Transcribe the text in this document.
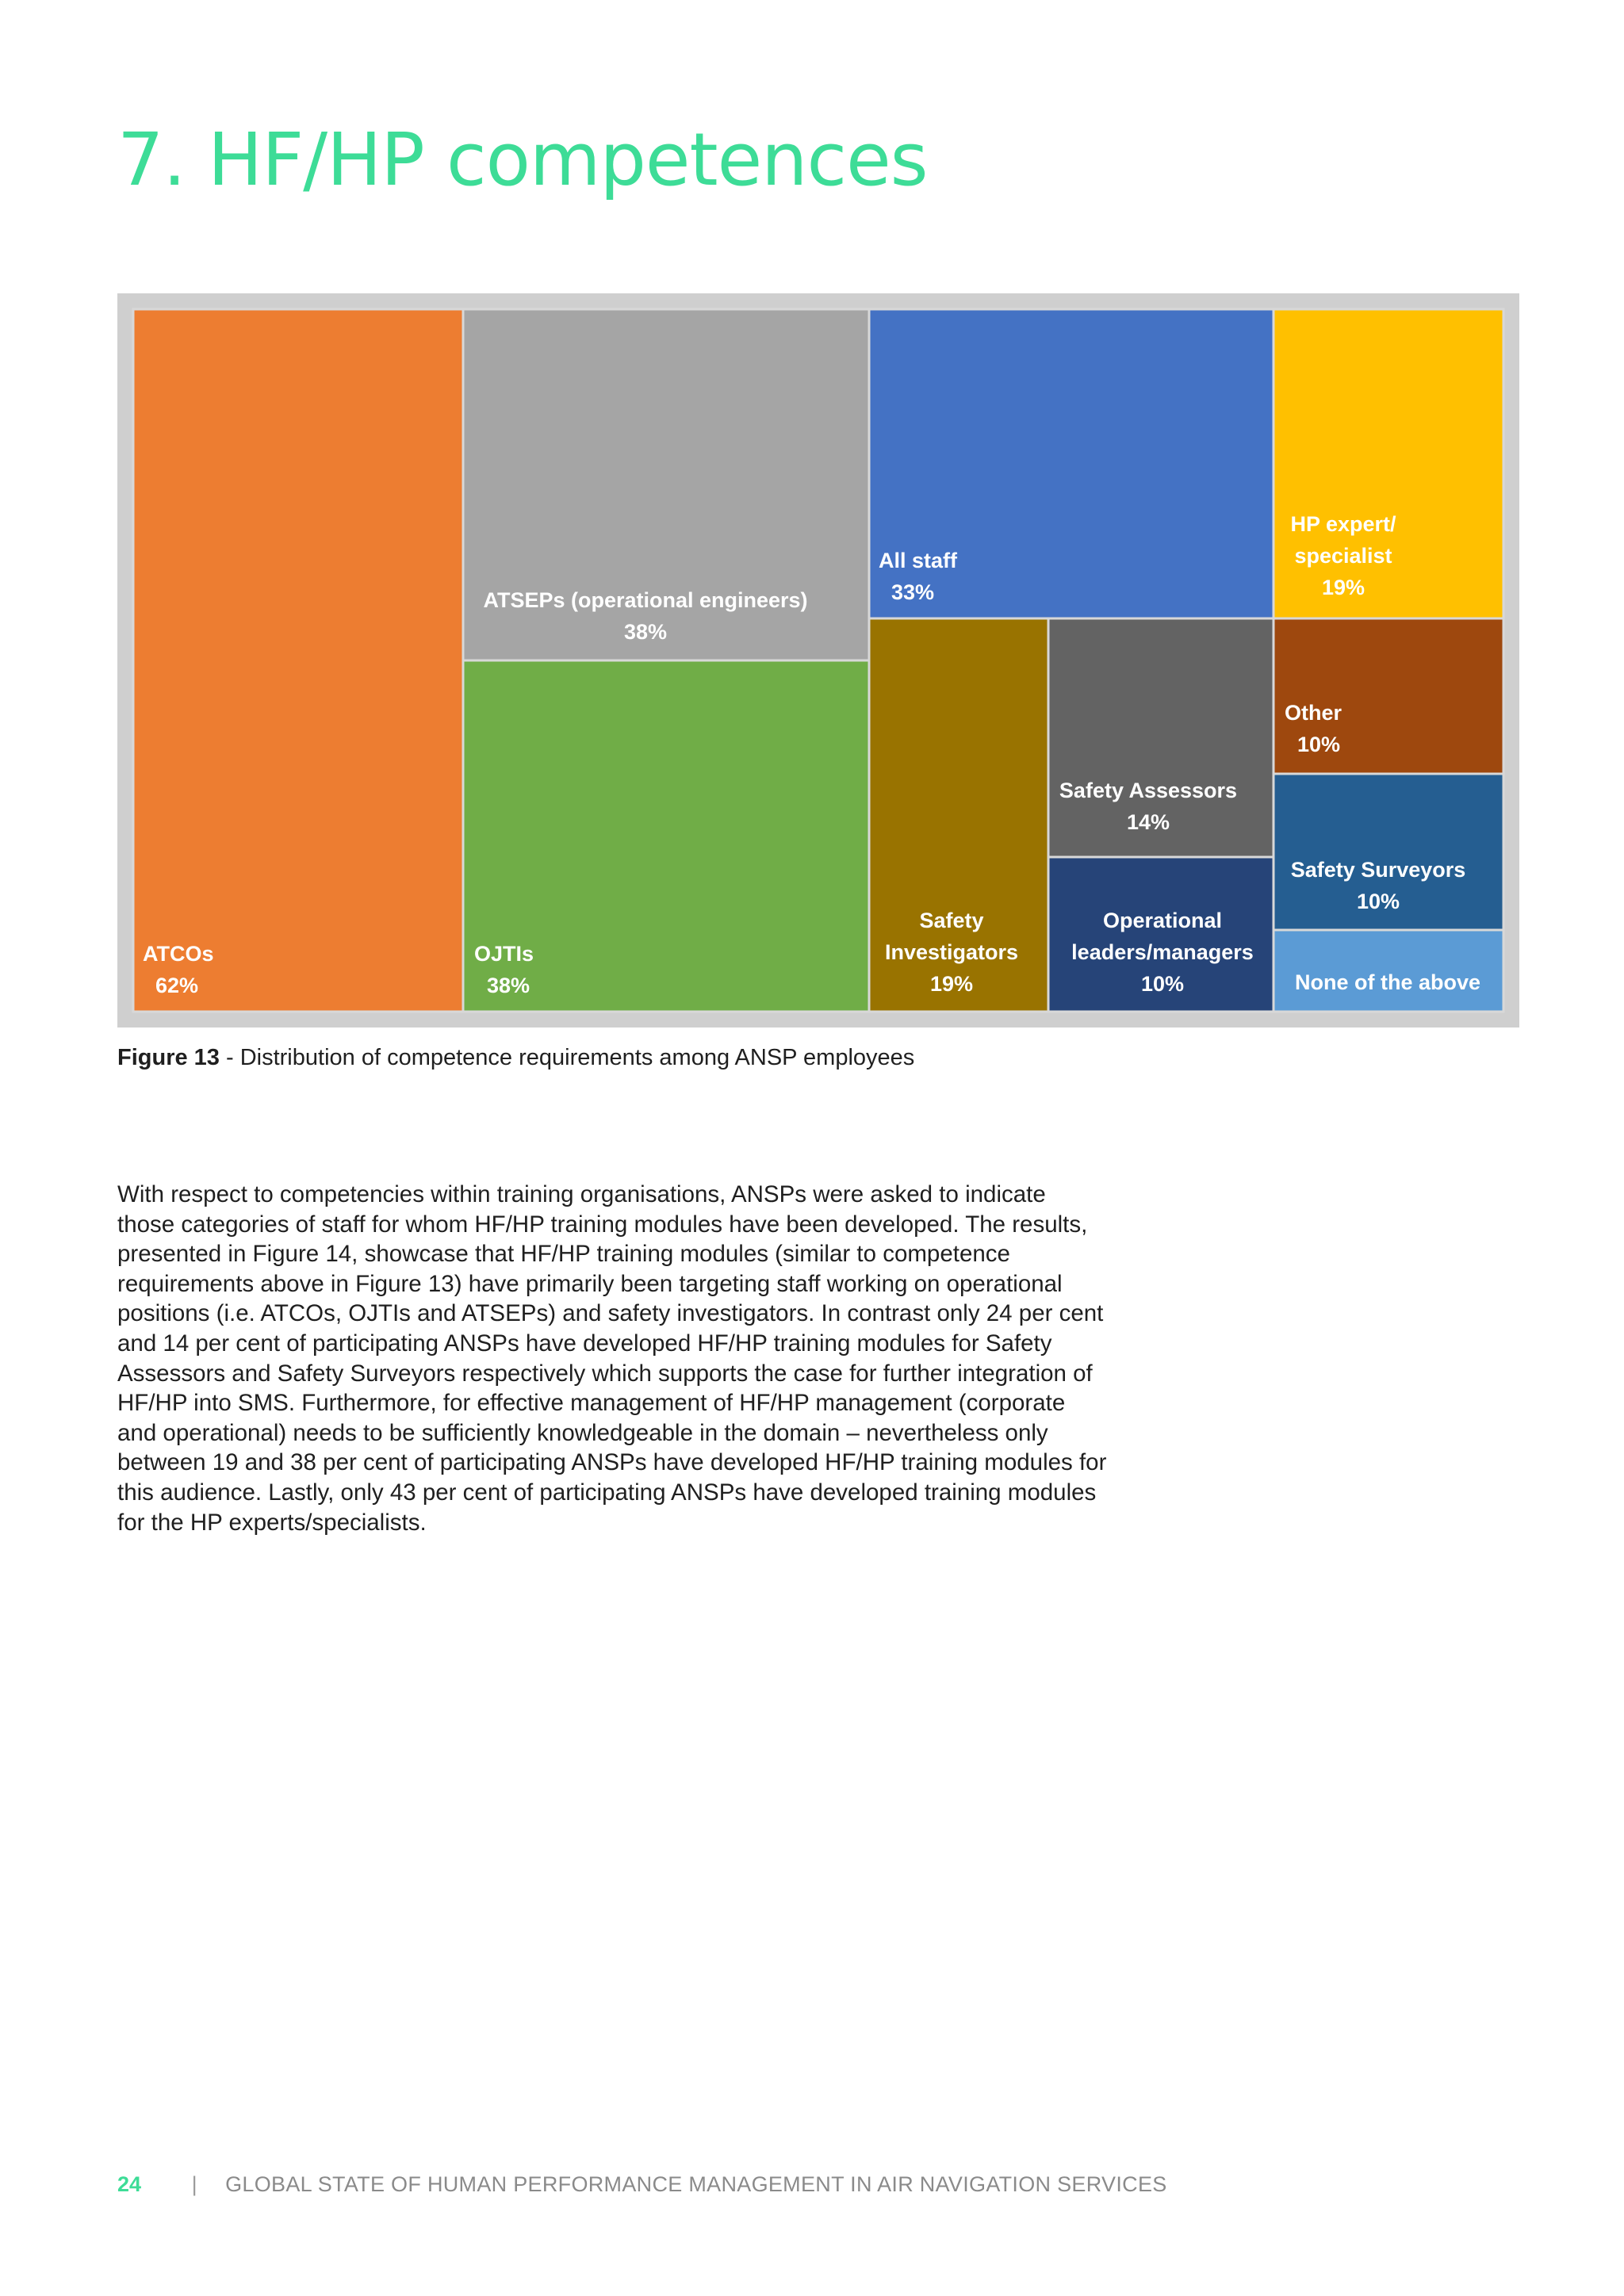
7. HF/HP competences
ATCOs
62%
ATSEPs (operational engineers)
38%
OJTIs
38%
All staff
33%
HP expert/
specialist
19%
Safety
Investigators
19%
Safety Assessors
14%
Operational
leaders/managers
10%
Other
10%
Safety Surveyors
10%
None of the above

Figure 13 - Distribution of competence requirements among ANSP employees

With respect to competencies within training organisations, ANSPs were asked to indicate those categories of staff for whom HF/HP training modules have been developed. The results, presented in Figure 14, showcase that HF/HP training modules (similar to competence requirements above in Figure 13) have primarily been targeting staff working on operational positions (i.e. ATCOs, OJTIs and ATSEPs) and safety investigators. In contrast only 24 per cent and 14 per cent of participating ANSPs have developed HF/HP training modules for Safety Assessors and Safety Surveyors respectively which supports the case for further integration of HF/HP into SMS. Furthermore, for effective management of HF/HP management (corporate and operational) needs to be sufficiently knowledgeable in the domain – nevertheless only between 19 and 38 per cent of participating ANSPs have developed HF/HP training modules for this audience. Lastly, only 43 per cent of participating ANSPs have developed training modules for the HP experts/specialists.

24 | GLOBAL STATE OF HUMAN PERFORMANCE MANAGEMENT IN AIR NAVIGATION SERVICES
